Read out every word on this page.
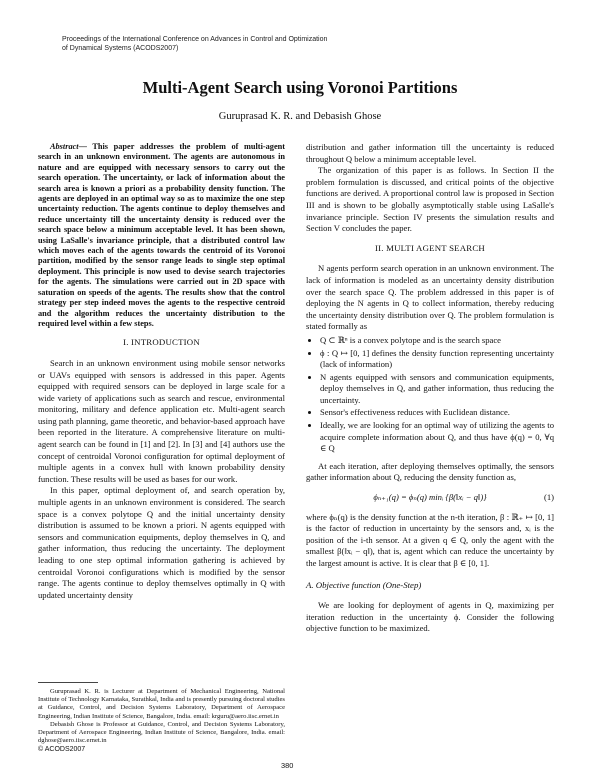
Proceedings of the International Conference on Advances in Control and Optimization
of Dynamical Systems (ACODS2007)
Multi-Agent Search using Voronoi Partitions
Guruprasad K. R. and Debasish Ghose

Abstract— This paper addresses the problem of multi-agent search in an unknown environment. The agents are autonomous in nature and are equipped with necessary sensors to carry out the search operation. The uncertainty, or lack of information about the search area is known a priori as a probability density function. The agents are deployed in an optimal way so as to maximize the one step uncertainty reduction. The agents continue to deploy themselves and reduce uncertainty till the uncertainty density is reduced over the search space below a minimum acceptable level. It has been shown, using LaSalle's invariance principle, that a distributed control law which moves each of the agents towards the centroid of its Voronoi partition, modified by the sensor range leads to single step optimal deployment. This principle is now used to devise search trajectories for the agents. The simulations were carried out in 2D space with saturation on speeds of the agents. The results show that the control strategy per step indeed moves the agents to the respective centroid and the algorithm reduces the uncertainty distribution to the required level within a few steps.

I. INTRODUCTION

Search in an unknown environment using mobile sensor networks or UAVs equipped with sensors is addressed in this paper. Agents equipped with required sensors can be deployed in large scale for a wide variety of applications such as search and rescue, environmental monitoring, military and defence application etc. Multi-agent search using path planning, game theoretic, and behavior-based approach have been reported in the literature. A comprehensive literature on multi-agent search can be found in [1] and [2]. In [3] and [4] authors use the concept of centroidal Voronoi configuration for optimal deployment of multiple agents in a convex hull with known probability density function. These results will be used as bases for our work.

In this paper, optimal deployment of, and search operation by, multiple agents in an unknown environment is considered. The search space is a convex polytope Q and the initial uncertainty density distribution is assumed to be known a priori. N agents equipped with sensors and communication equipments, deploy themselves in Q, and gather information, thus reducing the uncertainty. The deployment leading to one step optimal information gathering is achieved by centroidal Voronoi configurations which is modified by the sensor range. The agents continue to deploy themselves optimally in Q with updated uncertainty density

Guruprasad K. R. is Lecturer at Department of Mechanical Engineering, National Institute of Technology Karnataka, Surathkal, India and is presently pursuing doctoral studies at Guidance, Control, and Decision Systems Laboratory, Department of Aerospace Engineering, Indian Institute of Science, Bangalore, India. email: krguru@aero.iisc.ernet.in

Debasish Ghose is Professor at Guidance, Control, and Decision Systems Laboratory, Department of Aerospace Engineering, Indian Institute of Science, Bangalore, India. email: dghose@aero.iisc.ernet.in

© ACODS2007

distribution and gather information till the uncertainty is reduced throughout Q below a minimum acceptable level.

The organization of this paper is as follows. In Section II the problem formulation is discussed, and critical points of the objective functions are derived. A proportional control law is proposed in Section III and is shown to be globally asymptotically stable using LaSalle's invariance principle. Section IV presents the simulation results and Section V concludes the paper.

II. MULTI AGENT SEARCH

N agents perform search operation in an unknown environment. The lack of information is modeled as an uncertainty density distribution over the search space Q. The problem addressed in this paper is of deploying the N agents in Q to collect information, thereby reducing the uncertainty density distribution over Q. The problem formulation is stated formally as

• Q ⊂ ℝⁿ is a convex polytope and is the search space
• ϕ : Q ↦ [0, 1] defines the density function representing uncertainty (lack of information)
• N agents equipped with sensors and communication equipments, deploy themselves in Q, and gather information, thus reducing the uncertainty.
• Sensor's effectiveness reduces with Euclidean distance.
• Ideally, we are looking for an optimal way of utilizing the agents to acquire complete information about Q, and thus have ϕ(q) = 0, ∀q ∈ Q

At each iteration, after deploying themselves optimally, the sensors gather information about Q, reducing the density function as,

ϕₙ₊₁(q) = ϕₙ(q) minᵢ {β(‖xᵢ − q‖)}	(1)

where ϕₙ(q) is the density function at the n-th iteration, β : ℝ₊ ↦ [0, 1] is the factor of reduction in uncertainty by the sensors and, xᵢ is the position of the i-th sensor. At a given q ∈ Q, only the agent with the smallest β(‖xᵢ − q‖), that is, agent which can reduce the uncertainty by the largest amount is active. It is clear that β ∈ [0, 1].

A. Objective function (One-Step)

We are looking for deployment of agents in Q, maximizing per iteration reduction in the uncertainty ϕ. Consider the following objective function to be maximized.

380
